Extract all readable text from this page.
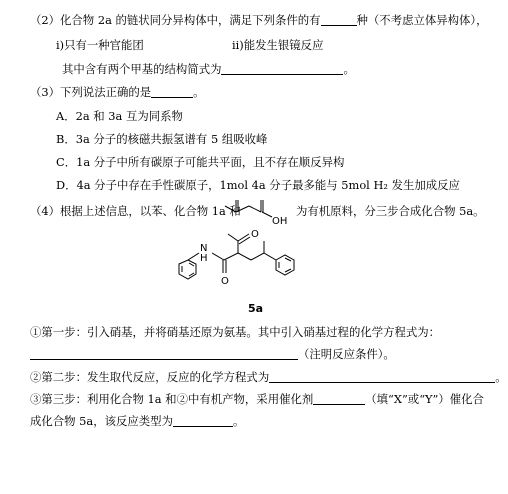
（2）化合物 2a 的链状同分异构体中，满足下列条件的有	种（不考虑立体异构体），
i)只有一种官能团	ii)能发生银镜反应
其中含有两个甲基的结构简式为	。
（3）下列说法正确的是	。
A．2a 和 3a 互为同系物
B．3a 分子的核磁共振氢谱有 5 组吸收峰
C．1a 分子中所有碳原子可能共平面，且不存在顺反异构
D．4a 分子中存在手性碳原子，1mol 4a 分子最多能与 5mol H₂ 发生加成反应
（4）根据上述信息，以苯、化合物 1a 和
OH
为有机原料，分三步合成化合物 5a。
N
H
O
O
5a
①第一步：引入硝基，并将硝基还原为氨基。其中引入硝基过程的化学方程式为：
（注明反应条件）。
②第二步：发生取代反应，反应的化学方程式为	。
③第三步：利用化合物 1a 和②中有机产物，采用催化剂	（填“X”或“Y”）催化合
成化合物 5a，该反应类型为	。
